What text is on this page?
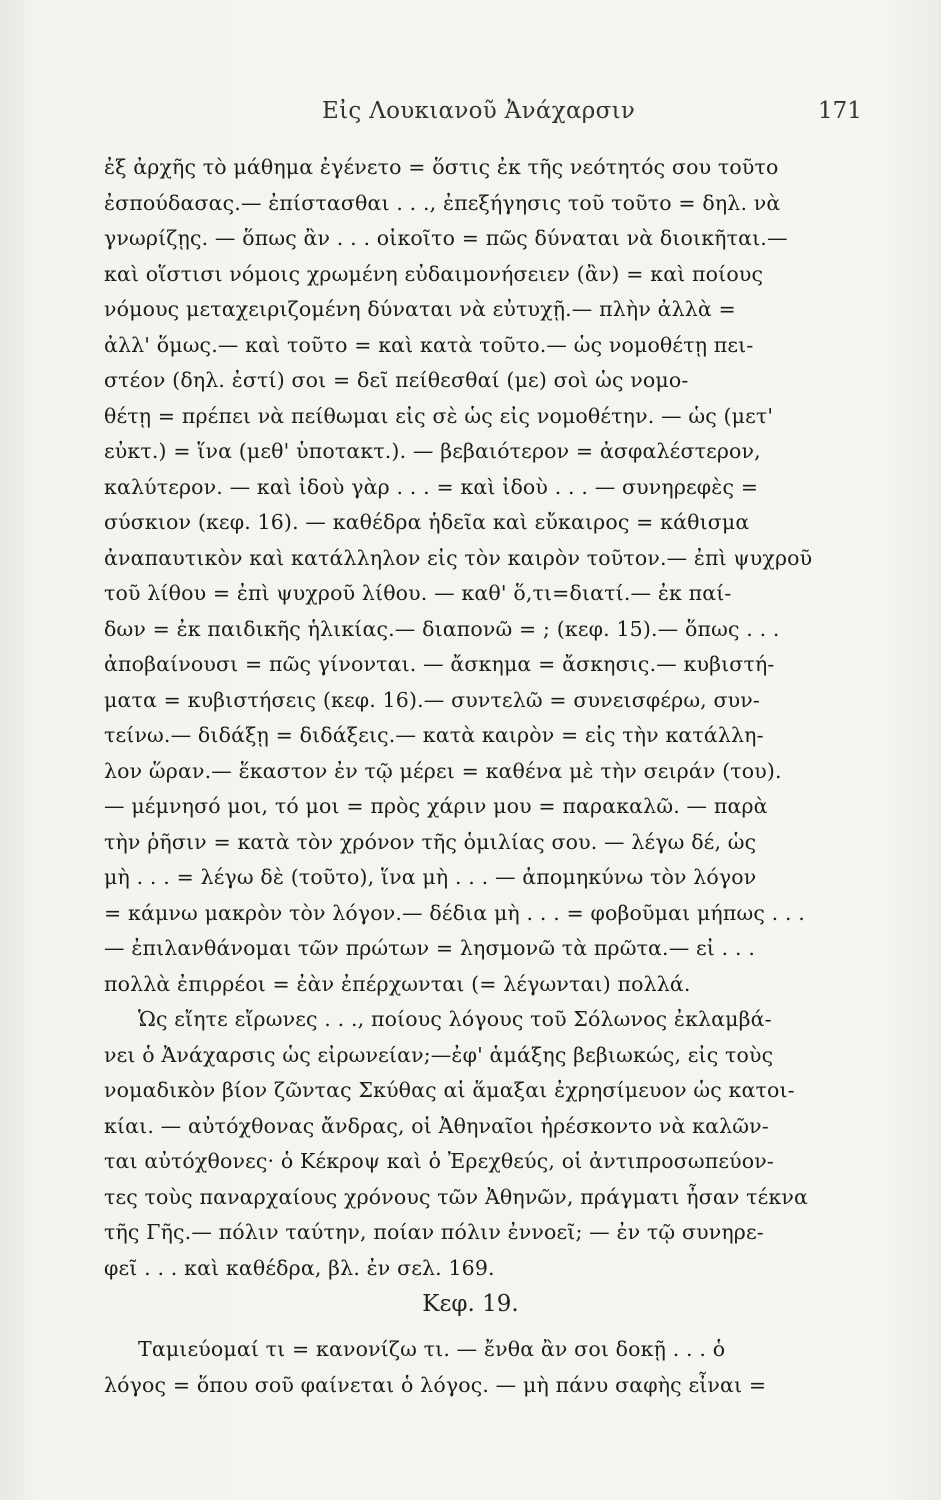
Εἰς Λουκιανοῦ Ἀνάχαρσιν	171
ἐξ ἀρχῆς τὸ μάθημα ἐγένετο = ὅστις ἐκ τῆς νεότητός σου τοῦτο
ἐσπούδασας.— ἐπίστασθαι . . ., ἐπεξήγησις τοῦ τοῦτο = δηλ. νὰ
γνωρίζῃς. — ὅπως ἂν . . . οἰκοῖτο = πῶς δύναται νὰ διοικῆται.—
καὶ οἵστισι νόμοις χρωμένη εὐδαιμονήσειεν (ἂν) = καὶ ποίους
νόμους μεταχειριζομένη δύναται νὰ εὐτυχῇ.— πλὴν ἀλλὰ =
ἀλλ' ὅμως.— καὶ τοῦτο = καὶ κατὰ τοῦτο.— ὡς νομοθέτῃ πει-
στέον (δηλ. ἐστί) σοι = δεῖ πείθεσθαί (με) σοὶ ὡς νομο-
θέτῃ = πρέπει νὰ πείθωμαι εἰς σὲ ὡς εἰς νομοθέτην. — ὡς (μετ'
εὐκτ.) = ἵνα (μεθ' ὑποτακτ.). — βεβαιότερον = ἀσφαλέστερον,
καλύτερον. — καὶ ἰδοὺ γὰρ . . . = καὶ ἰδοὺ . . . — συνηρεφὲς =
σύσκιον (κεφ. 16). — καθέδρα ἡδεῖα καὶ εὔκαιρος = κάθισμα
ἀναπαυτικὸν καὶ κατάλληλον εἰς τὸν καιρὸν τοῦτον.— ἐπὶ ψυχροῦ
τοῦ λίθου = ἐπὶ ψυχροῦ λίθου. — καθ' ὅ,τι=διατί.— ἐκ παί-
δων = ἐκ παιδικῆς ἡλικίας.— διαπονῶ = ; (κεφ. 15).— ὅπως . . .
ἀποβαίνουσι = πῶς γίνονται. — ἄσκημα = ἄσκησις.— κυβιστή-
ματα = κυβιστήσεις (κεφ. 16).— συντελῶ = συνεισφέρω, συν-
τείνω.— διδάξῃ = διδάξεις.— κατὰ καιρὸν = εἰς τὴν κατάλλη-
λον ὥραν.— ἕκαστον ἐν τῷ μέρει = καθένα μὲ τὴν σειράν (του).
— μέμνησό μοι, τό μοι = πρὸς χάριν μου = παρακαλῶ. — παρὰ
τὴν ῥῆσιν = κατὰ τὸν χρόνον τῆς ὁμιλίας σου. — λέγω δέ, ὡς
μὴ . . . = λέγω δὲ (τοῦτο), ἵνα μὴ . . . — ἀπομηκύνω τὸν λόγον
= κάμνω μακρὸν τὸν λόγον.— δέδια μὴ . . . = φοβοῦμαι μήπως . . .
— ἐπιλανθάνομαι τῶν πρώτων = λησμονῶ τὰ πρῶτα.— εἰ . . .
πολλὰ ἐπιρρέοι = ἐὰν ἐπέρχωνται (= λέγωνται) πολλά.
Ὡς εἴητε εἴρωνες . . ., ποίους λόγους τοῦ Σόλωνος ἐκλαμβά-
νει ὁ Ἀνάχαρσις ὡς εἰρωνείαν;—ἐφ' ἁμάξης βεβιωκώς, εἰς τοὺς
νομαδικὸν βίον ζῶντας Σκύθας αἱ ἅμαξαι ἐχρησίμευον ὡς κατοι-
κίαι. — αὐτόχθονας ἄνδρας, οἱ Ἀθηναῖοι ἠρέσκοντο νὰ καλῶν-
ται αὐτόχθονες· ὁ Κέκροψ καὶ ὁ Ἐρεχθεύς, οἱ ἀντιπροσωπεύον-
τες τοὺς παναρχαίους χρόνους τῶν Ἀθηνῶν, πράγματι ἦσαν τέκνα
τῆς Γῆς.— πόλιν ταύτην, ποίαν πόλιν ἐννοεῖ; — ἐν τῷ συνηρε-
φεῖ . . . καὶ καθέδρα, βλ. ἐν σελ. 169.
Κεφ. 19.
Ταμιεύομαί τι = κανονίζω τι. — ἔνθα ἂν σοι δοκῇ . . . ὁ
λόγος = ὅπου σοῦ φαίνεται ὁ λόγος. — μὴ πάνυ σαφὴς εἶναι =
